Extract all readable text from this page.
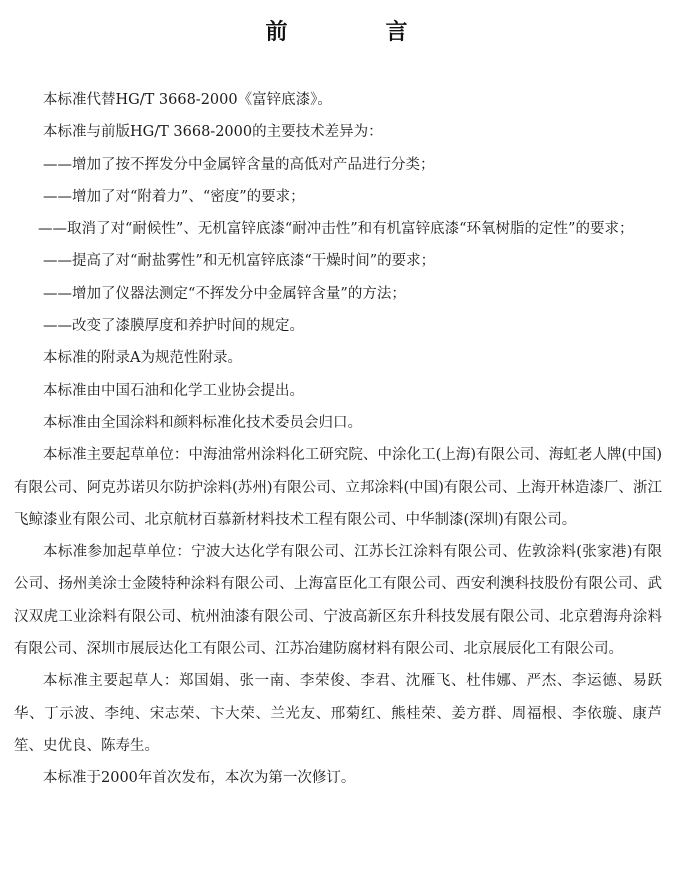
前　言

本标准代替HG/T 3668-2000《富锌底漆》。

本标准与前版HG/T 3668-2000的主要技术差异为：

——增加了按不挥发分中金属锌含量的高低对产品进行分类；

——增加了对“附着力”、“密度”的要求；

——取消了对“耐候性”、无机富锌底漆“耐冲击性”和有机富锌底漆“环氧树脂的定性”的要求；

——提高了对“耐盐雾性”和无机富锌底漆“干燥时间”的要求；

——增加了仪器法测定“不挥发分中金属锌含量”的方法；

——改变了漆膜厚度和养护时间的规定。

本标准的附录A为规范性附录。

本标准由中国石油和化学工业协会提出。

本标准由全国涂料和颜料标准化技术委员会归口。

本标准主要起草单位：中海油常州涂料化工研究院、中涂化工(上海)有限公司、海虹老人牌(中国)有限公司、阿克苏诺贝尔防护涂料(苏州)有限公司、立邦涂料(中国)有限公司、上海开林造漆厂、浙江飞鲸漆业有限公司、北京航材百慕新材料技术工程有限公司、中华制漆(深圳)有限公司。

本标准参加起草单位：宁波大达化学有限公司、江苏长江涂料有限公司、佐敦涂料(张家港)有限公司、扬州美涂士金陵特种涂料有限公司、上海富臣化工有限公司、西安利澳科技股份有限公司、武汉双虎工业涂料有限公司、杭州油漆有限公司、宁波高新区东升科技发展有限公司、北京碧海舟涂料有限公司、深圳市展辰达化工有限公司、江苏冶建防腐材料有限公司、北京展辰化工有限公司。

本标准主要起草人：郑国娟、张一南、李荣俊、李君、沈雁飞、杜伟娜、严杰、李运德、易跃华、丁示波、李纯、宋志荣、卞大荣、兰光友、邢菊红、熊桂荣、姜方群、周福根、李依璇、康芦笙、史优良、陈寿生。

本标准于2000年首次发布，本次为第一次修订。
